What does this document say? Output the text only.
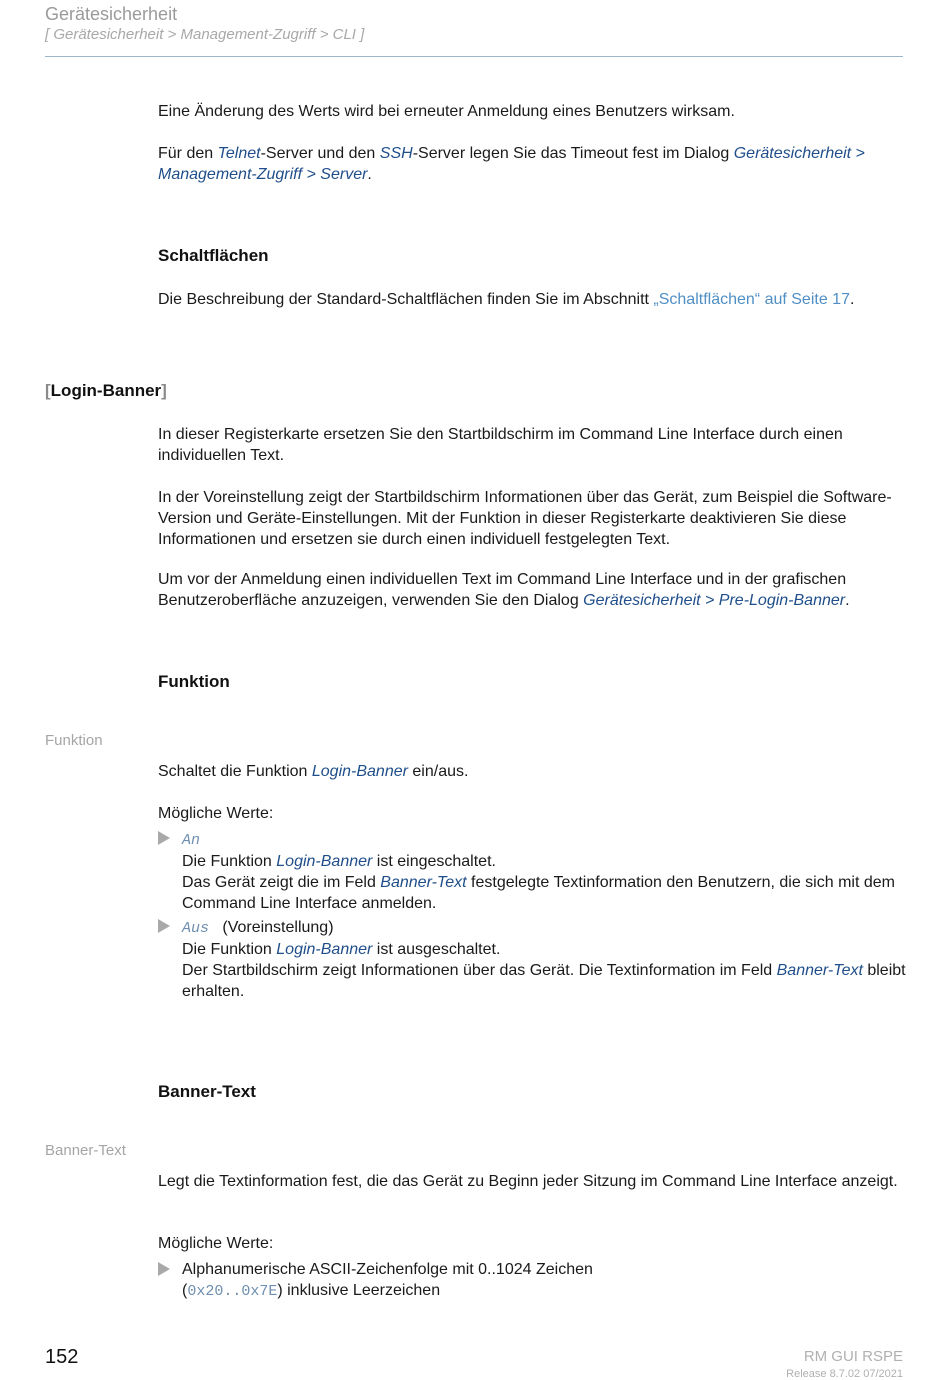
Gerätesicherheit
[ Gerätesicherheit > Management-Zugriff > CLI ]
Eine Änderung des Werts wird bei erneuter Anmeldung eines Benutzers wirksam.
Für den Telnet-Server und den SSH-Server legen Sie das Timeout fest im Dialog Gerätesicherheit >
Management-Zugriff > Server.
Schaltflächen
Die Beschreibung der Standard-Schaltflächen finden Sie im Abschnitt „Schaltflächen“ auf Seite 17.
[Login-Banner]
In dieser Registerkarte ersetzen Sie den Startbildschirm im Command Line Interface durch einen individuellen Text.
In der Voreinstellung zeigt der Startbildschirm Informationen über das Gerät, zum Beispiel die Software-Version und Geräte-Einstellungen. Mit der Funktion in dieser Registerkarte deaktivieren Sie diese Informationen und ersetzen sie durch einen individuell festgelegten Text.
Um vor der Anmeldung einen individuellen Text im Command Line Interface und in der grafischen Benutzeroberfläche anzuzeigen, verwenden Sie den Dialog Gerätesicherheit > Pre-Login-Banner.
Funktion
Funktion
Schaltet die Funktion Login-Banner ein/aus.
Mögliche Werte:
An
Die Funktion Login-Banner ist eingeschaltet.
Das Gerät zeigt die im Feld Banner-Text festgelegte Textinformation den Benutzern, die sich mit dem Command Line Interface anmelden.
Aus (Voreinstellung)
Die Funktion Login-Banner ist ausgeschaltet.
Der Startbildschirm zeigt Informationen über das Gerät. Die Textinformation im Feld Banner-Text bleibt erhalten.
Banner-Text
Banner-Text
Legt die Textinformation fest, die das Gerät zu Beginn jeder Sitzung im Command Line Interface anzeigt.
Mögliche Werte:
Alphanumerische ASCII-Zeichenfolge mit 0..1024 Zeichen
(0x20..0x7E) inklusive Leerzeichen
152	RM GUI RSPE
Release 8.7.02 07/2021
